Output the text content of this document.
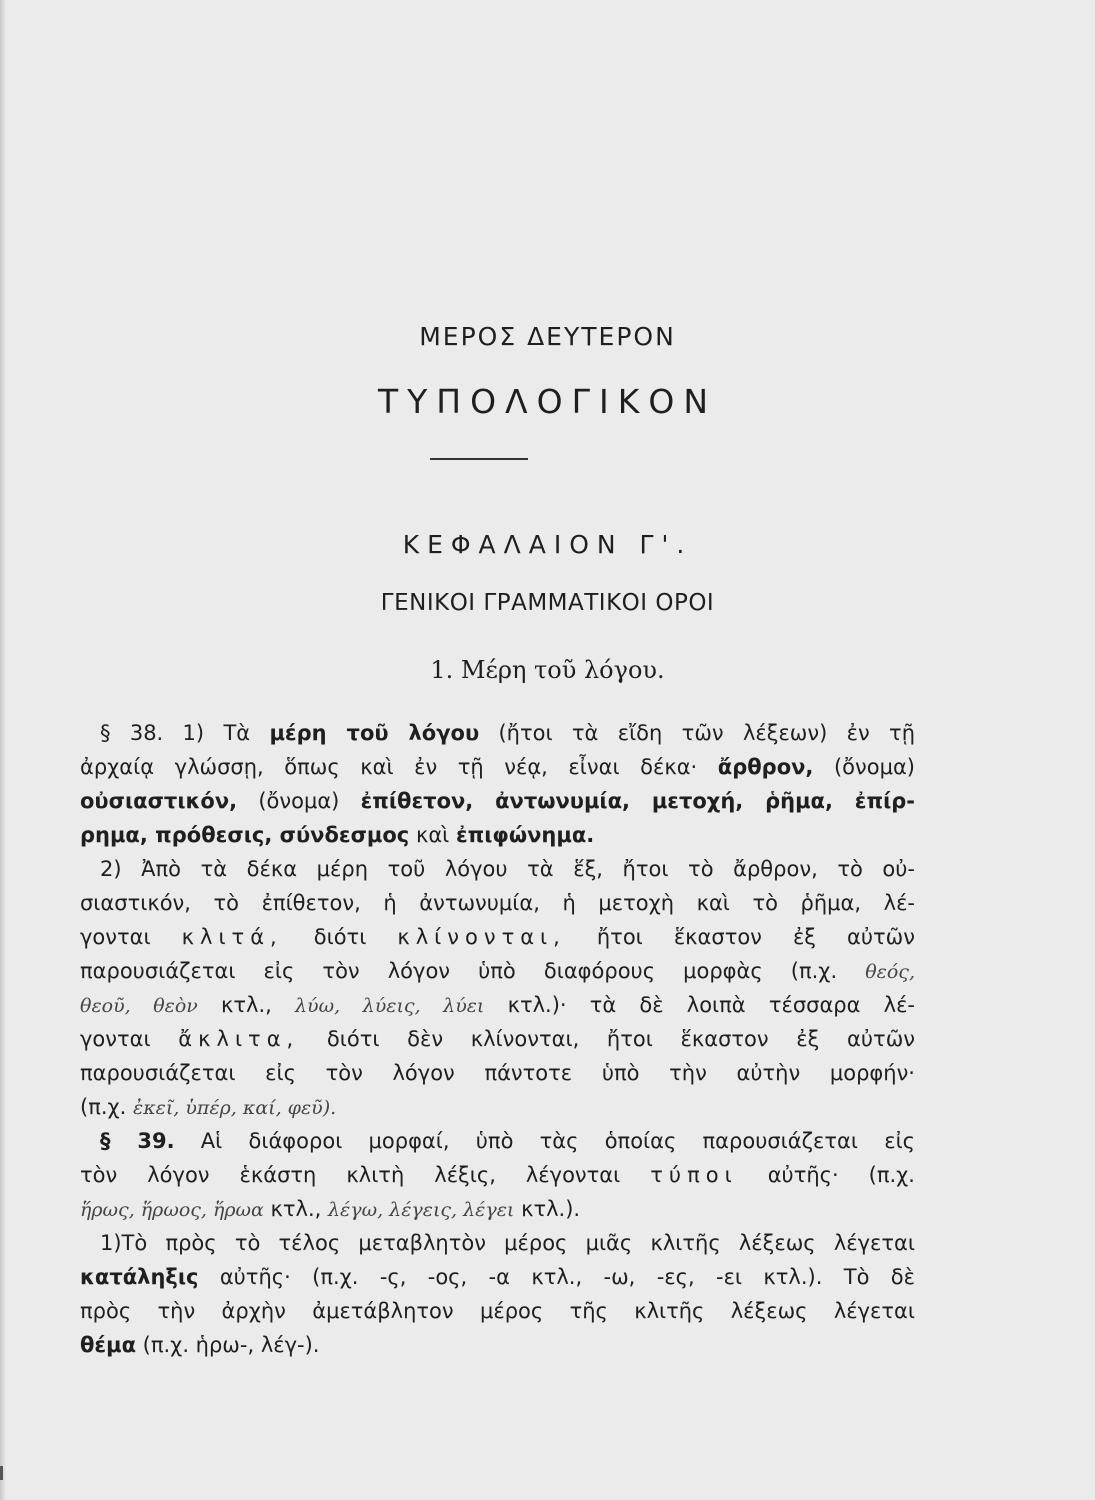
ΜΕΡΟΣ ΔΕΥΤΕΡΟΝ
ΤΥΠΟΛΟΓΙΚΟΝ
ΚΕΦΑΛΑΙΟΝ Γ'.
ΓΕΝΙΚΟΙ ΓΡΑΜΜΑΤΙΚΟΙ ΟΡΟΙ
1. Μέρη τοῦ λόγου.
§ 38. 1) Τὰ μέρη τοῦ λόγου (ἤτοι τὰ εἴδη τῶν λέξεων) ἐν τῇ
ἀρχαίᾳ γλώσσῃ, ὅπως καὶ ἐν τῇ νέᾳ, εἶναι δέκα· ἄρθρον, (ὄνομα)
οὐσιαστικόν, (ὄνομα) ἐπίθετον, ἀντωνυμία, μετοχή, ῥῆμα, ἐπίρ-
ρημα, πρόθεσις, σύνδεσμος καὶ ἐπιφώνημα.
2) Ἀπὸ τὰ δέκα μέρη τοῦ λόγου τὰ ἕξ, ἤτοι τὸ ἄρθρον, τὸ οὐ-
σιαστικόν, τὸ ἐπίθετον, ἡ ἀντωνυμία, ἡ μετοχὴ καὶ τὸ ῥῆμα, λέ-
γονται κλιτά, διότι κλίνονται, ἤτοι ἕκαστον ἐξ αὐτῶν
παρουσιάζεται εἰς τὸν λόγον ὑπὸ διαφόρους μορφὰς (π.χ. θεός,
θεοῦ, θεὸν κτλ., λύω, λύεις, λύει κτλ.)· τὰ δὲ λοιπὰ τέσσαρα λέ-
γονται ἄκλιτα, διότι δὲν κλίνονται, ἤτοι ἕκαστον ἐξ αὐτῶν
παρουσιάζεται εἰς τὸν λόγον πάντοτε ὑπὸ τὴν αὐτὴν μορφήν·
(π.χ. ἐκεῖ, ὑπέρ, καί, φεῦ).
§ 39. Αἱ διάφοροι μορφαί, ὑπὸ τὰς ὁποίας παρουσιάζεται εἰς
τὸν λόγον ἑκάστη κλιτὴ λέξις, λέγονται τύποι αὐτῆς· (π.χ.
ἥρως, ἥρωος, ἥρωα κτλ., λέγω, λέγεις, λέγει κτλ.).
1)Τὸ πρὸς τὸ τέλος μεταβλητὸν μέρος μιᾶς κλιτῆς λέξεως λέγεται
κατάληξις αὐτῆς· (π.χ. -ς, -ος, -α κτλ., -ω, -ες, -ει κτλ.). Τὸ δὲ
πρὸς τὴν ἀρχὴν ἀμετάβλητον μέρος τῆς κλιτῆς λέξεως λέγεται
θέμα (π.χ. ἡρω-, λέγ-).
